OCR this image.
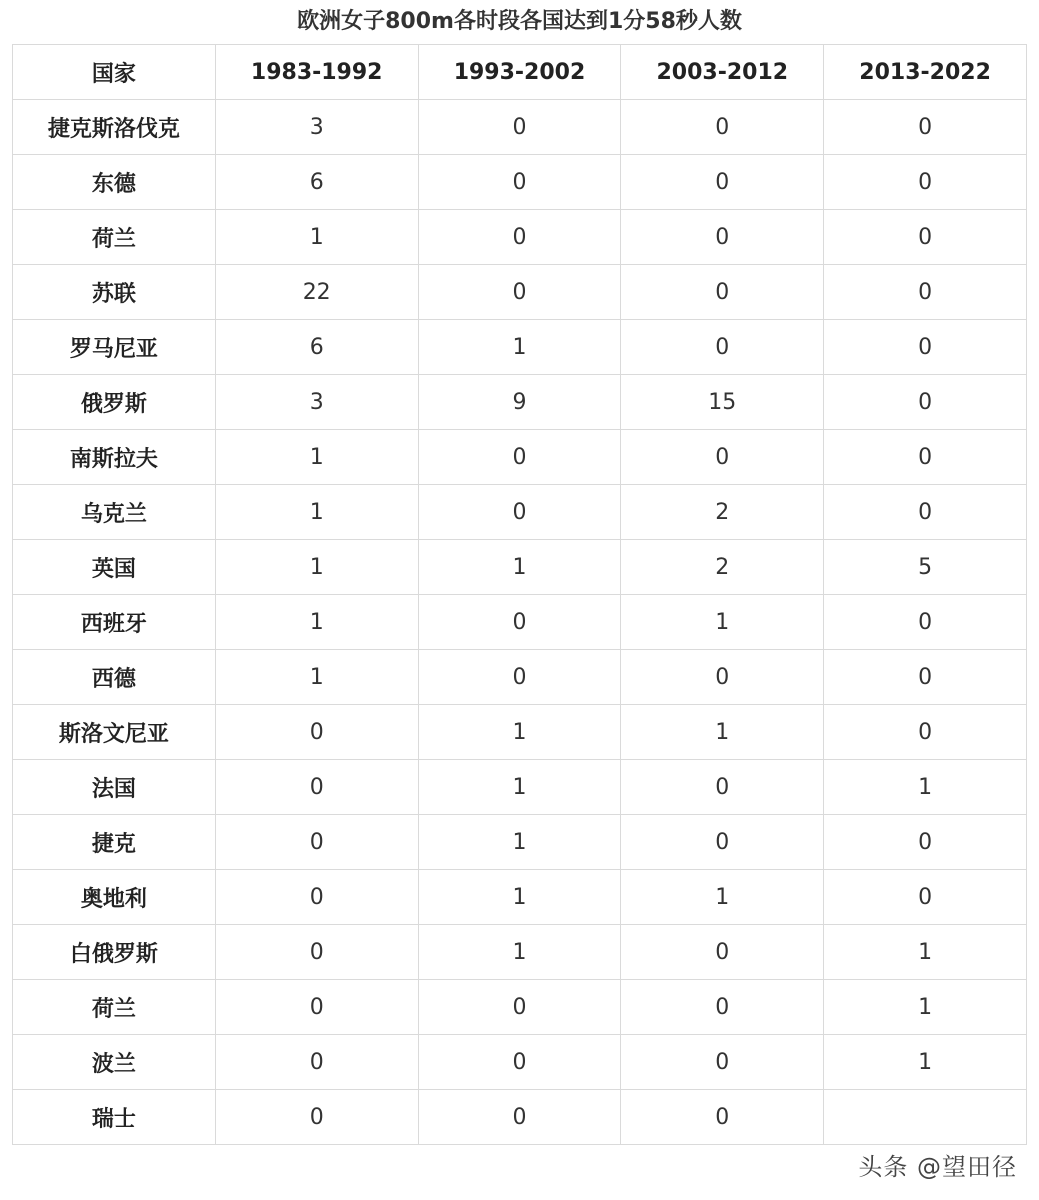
欧洲女子800m各时段各国达到1分58秒人数
国家	1983-1992	1993-2002	2003-2012	2013-2022
捷克斯洛伐克	3	0	0	0
东德	6	0	0	0
荷兰	1	0	0	0
苏联	22	0	0	0
罗马尼亚	6	1	0	0
俄罗斯	3	9	15	0
南斯拉夫	1	0	0	0
乌克兰	1	0	2	0
英国	1	1	2	5
西班牙	1	0	1	0
西德	1	0	0	0
斯洛文尼亚	0	1	1	0
法国	0	1	0	1
捷克	0	1	0	0
奥地利	0	1	1	0
白俄罗斯	0	1	0	1
荷兰	0	0	0	1
波兰	0	0	0	1
瑞士	0	0	0	
头条 @望田径
